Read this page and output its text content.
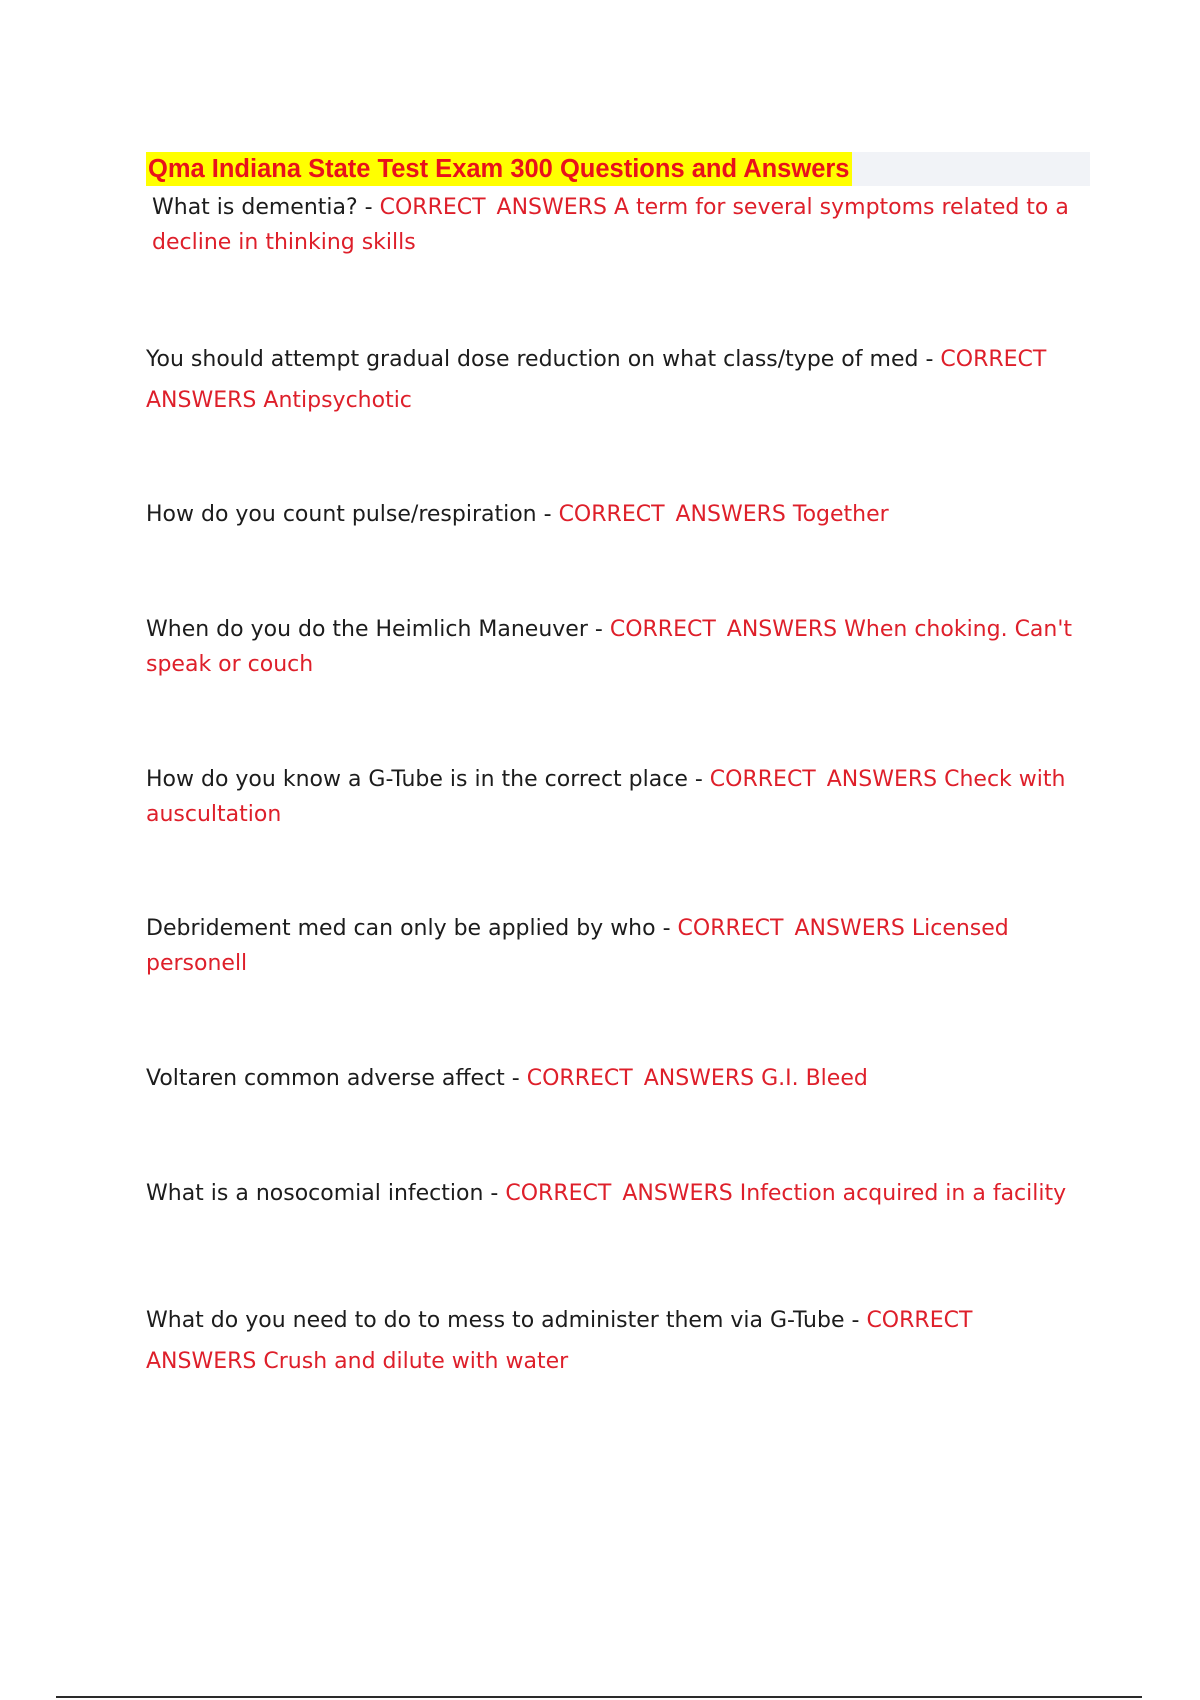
Qma Indiana State Test Exam 300 Questions and Answers

What is dementia? - CORRECT ANSWERS A term for several symptoms related to a decline in thinking skills

You should attempt gradual dose reduction on what class/type of med - CORRECT ANSWERS Antipsychotic

How do you count pulse/respiration - CORRECT ANSWERS Together

When do you do the Heimlich Maneuver - CORRECT ANSWERS When choking. Can't speak or couch

How do you know a G-Tube is in the correct place - CORRECT ANSWERS Check with auscultation

Debridement med can only be applied by who - CORRECT ANSWERS Licensed personell

Voltaren common adverse affect - CORRECT ANSWERS G.I. Bleed

What is a nosocomial infection - CORRECT ANSWERS Infection acquired in a facility

What do you need to do to mess to administer them via G-Tube - CORRECT ANSWERS Crush and dilute with water
